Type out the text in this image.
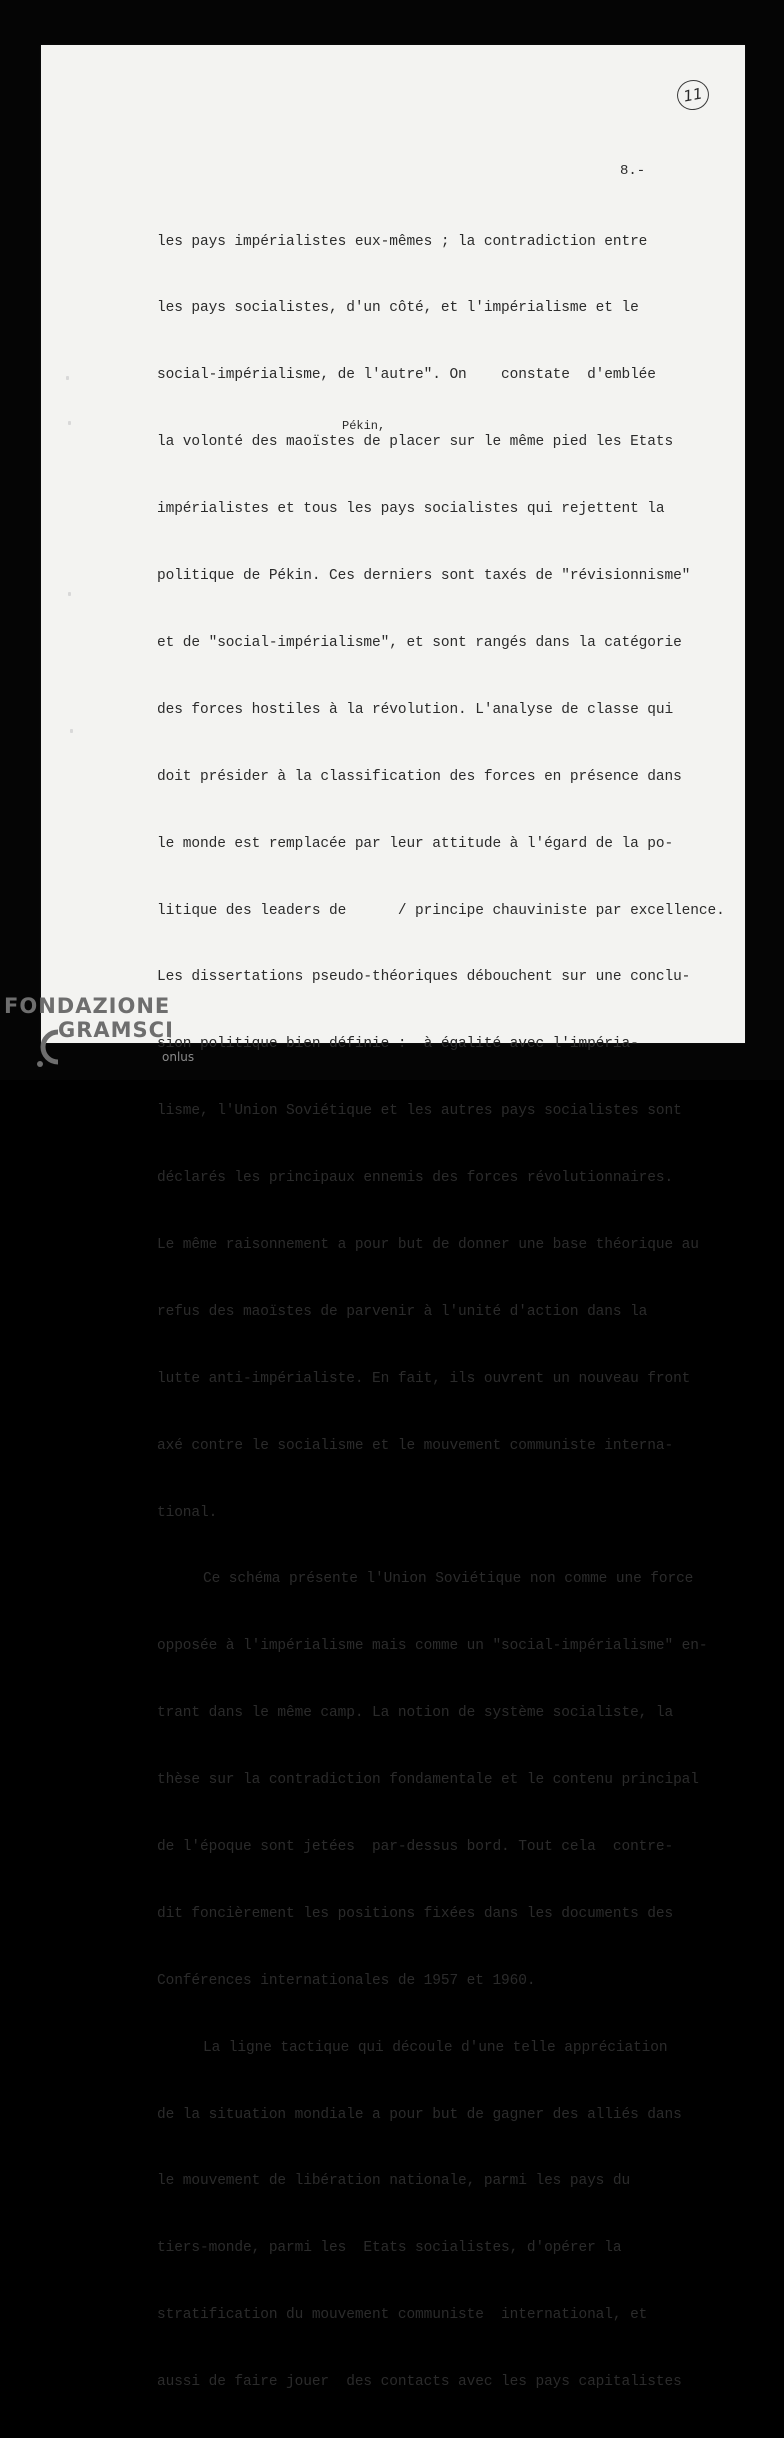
11
8.-

les pays impérialistes eux-mêmes ; la contradiction entre

les pays socialistes, d'un côté, et l'impérialisme et le

social-impérialisme, de l'autre". On    constate  d'emblée

la volonté des maoïstes de placer sur le même pied les Etats

impérialistes et tous les pays socialistes qui rejettent la

politique de Pékin. Ces derniers sont taxés de "révisionnisme"

et de "social-impérialisme", et sont rangés dans la catégorie

des forces hostiles à la révolution. L'analyse de classe qui

doit présider à la classification des forces en présence dans

le monde est remplacée par leur attitude à l'égard de la po-

litique des leaders de      / principe chauviniste par excellence.

Les dissertations pseudo-théoriques débouchent sur une conclu-

sion politique bien définie :  à égalité avec l'impéria-

lisme, l'Union Soviétique et les autres pays socialistes sont

déclarés les principaux ennemis des forces révolutionnaires.

Le même raisonnement a pour but de donner une base théorique au

refus des maoïstes de parvenir à l'unité d'action dans la

lutte anti-impérialiste. En fait, ils ouvrent un nouveau front

axé contre le socialisme et le mouvement communiste interna-

tional.

Ce schéma présente l'Union Soviétique non comme une force

opposée à l'impérialisme mais comme un "social-impérialisme" en-

trant dans le même camp. La notion de système socialiste, la

thèse sur la contradiction fondamentale et le contenu principal

de l'époque sont jetées  par-dessus bord. Tout cela  contre-

dit foncièrement les positions fixées dans les documents des

Conférences internationales de 1957 et 1960.

La ligne tactique qui découle d'une telle appréciation

de la situation mondiale a pour but de gagner des alliés dans

le mouvement de libération nationale, parmi les pays du

tiers-monde, parmi les  Etats socialistes, d'opérer la

stratification du mouvement communiste  international, et

aussi de faire jouer  des contacts avec les pays capitalistes

Pékin,
FONDAZIONE
GRAMSCI
onlus
